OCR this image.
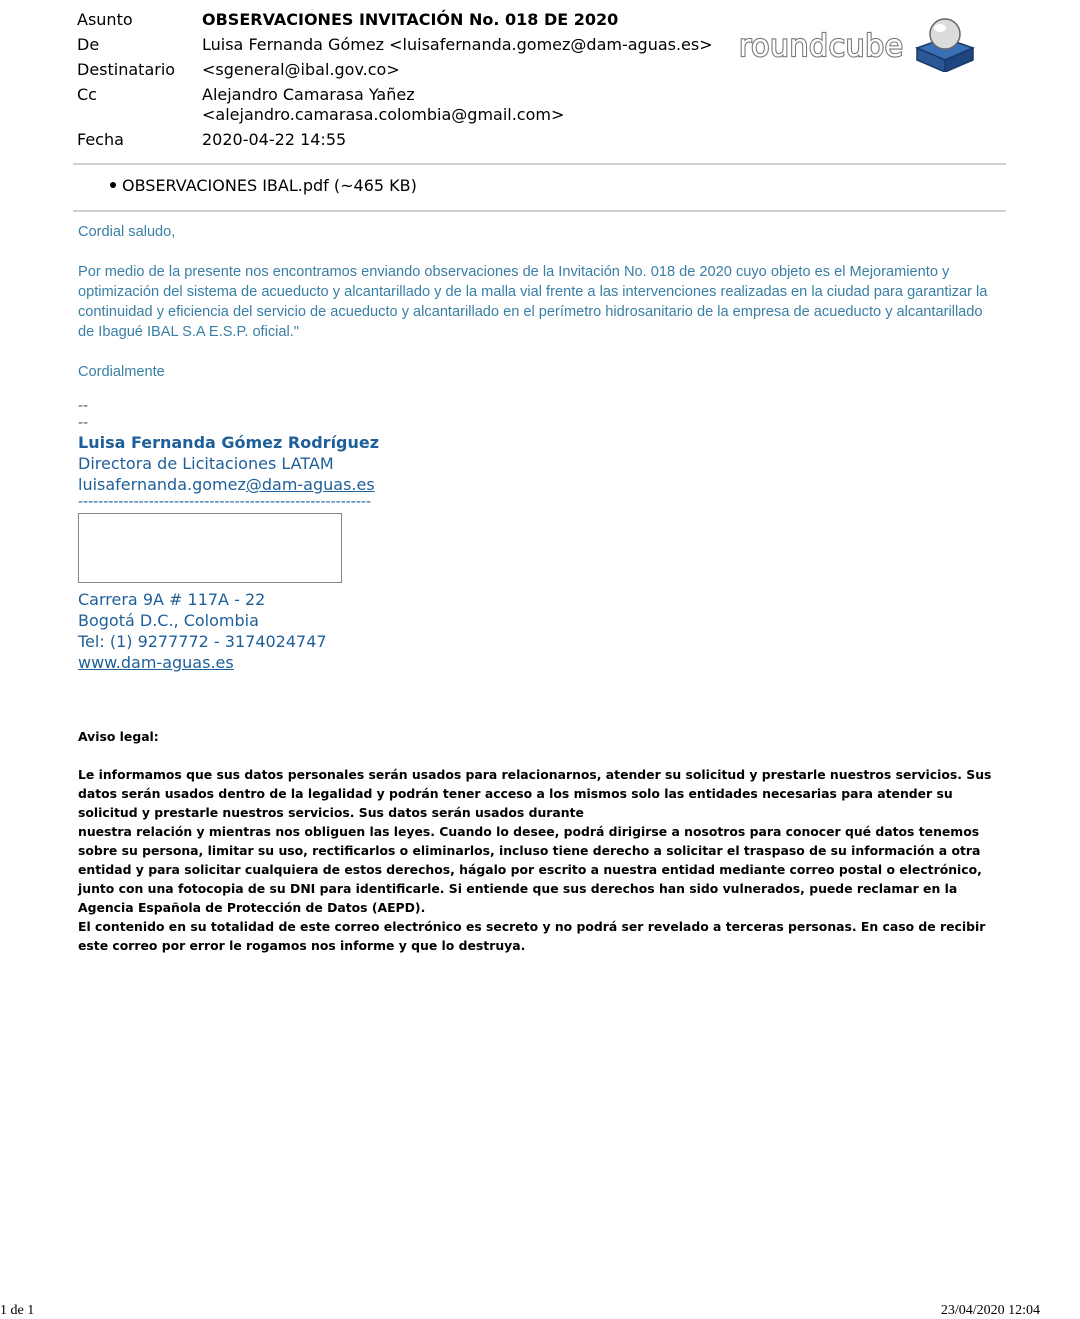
Asunto	OBSERVACIONES INVITACIÓN No. 018 DE 2020
De	Luisa Fernanda Gómez <luisafernanda.gomez@dam-aguas.es>
Destinatario	<sgeneral@ibal.gov.co>
Cc	Alejandro Camarasa Yañez
<alejandro.camarasa.colombia@gmail.com>
Fecha	2020-04-22 14:55
roundcube
OBSERVACIONES IBAL.pdf (~465 KB)

Cordial saludo,

Por medio de la presente nos encontramos enviando observaciones de la Invitación No. 018 de 2020 cuyo objeto es el Mejoramiento y optimización del sistema de acueducto y alcantarillado y de la malla vial frente a las intervenciones realizadas en la ciudad para garantizar la continuidad y eficiencia del servicio de acueducto y alcantarillado en el perímetro hidrosanitario de la empresa de acueducto y alcantarillado de Ibagué IBAL S.A E.S.P. oficial."

Cordialmente

--
--
Luisa Fernanda Gómez Rodríguez
Directora de Licitaciones LATAM
luisafernanda.gomez@dam-aguas.es
----------------------------------------------------------
Carrera 9A # 117A - 22
Bogotá D.C., Colombia
Tel: (1) 9277772 - 3174024747
www.dam-aguas.es
Aviso legal:
Le informamos que sus datos personales serán usados para relacionarnos, atender su solicitud y prestarle nuestros servicios. Sus datos serán usados dentro de la legalidad y podrán tener acceso a los mismos solo las entidades necesarias para atender su solicitud y prestarle nuestros servicios. Sus datos serán usados durante
nuestra relación y mientras nos obliguen las leyes. Cuando lo desee, podrá dirigirse a nosotros para conocer qué datos tenemos sobre su persona, limitar su uso, rectificarlos o eliminarlos, incluso tiene derecho a solicitar el traspaso de su información a otra entidad y para solicitar cualquiera de estos derechos, hágalo por escrito a nuestra entidad mediante correo postal o electrónico, junto con una fotocopia de su DNI para identificarle. Si entiende que sus derechos han sido vulnerados, puede reclamar en la Agencia Española de Protección de Datos (AEPD).
El contenido en su totalidad de este correo electrónico es secreto y no podrá ser revelado a terceras personas. En caso de recibir este correo por error le rogamos nos informe y que lo destruya.
1 de 1	23/04/2020 12:04
